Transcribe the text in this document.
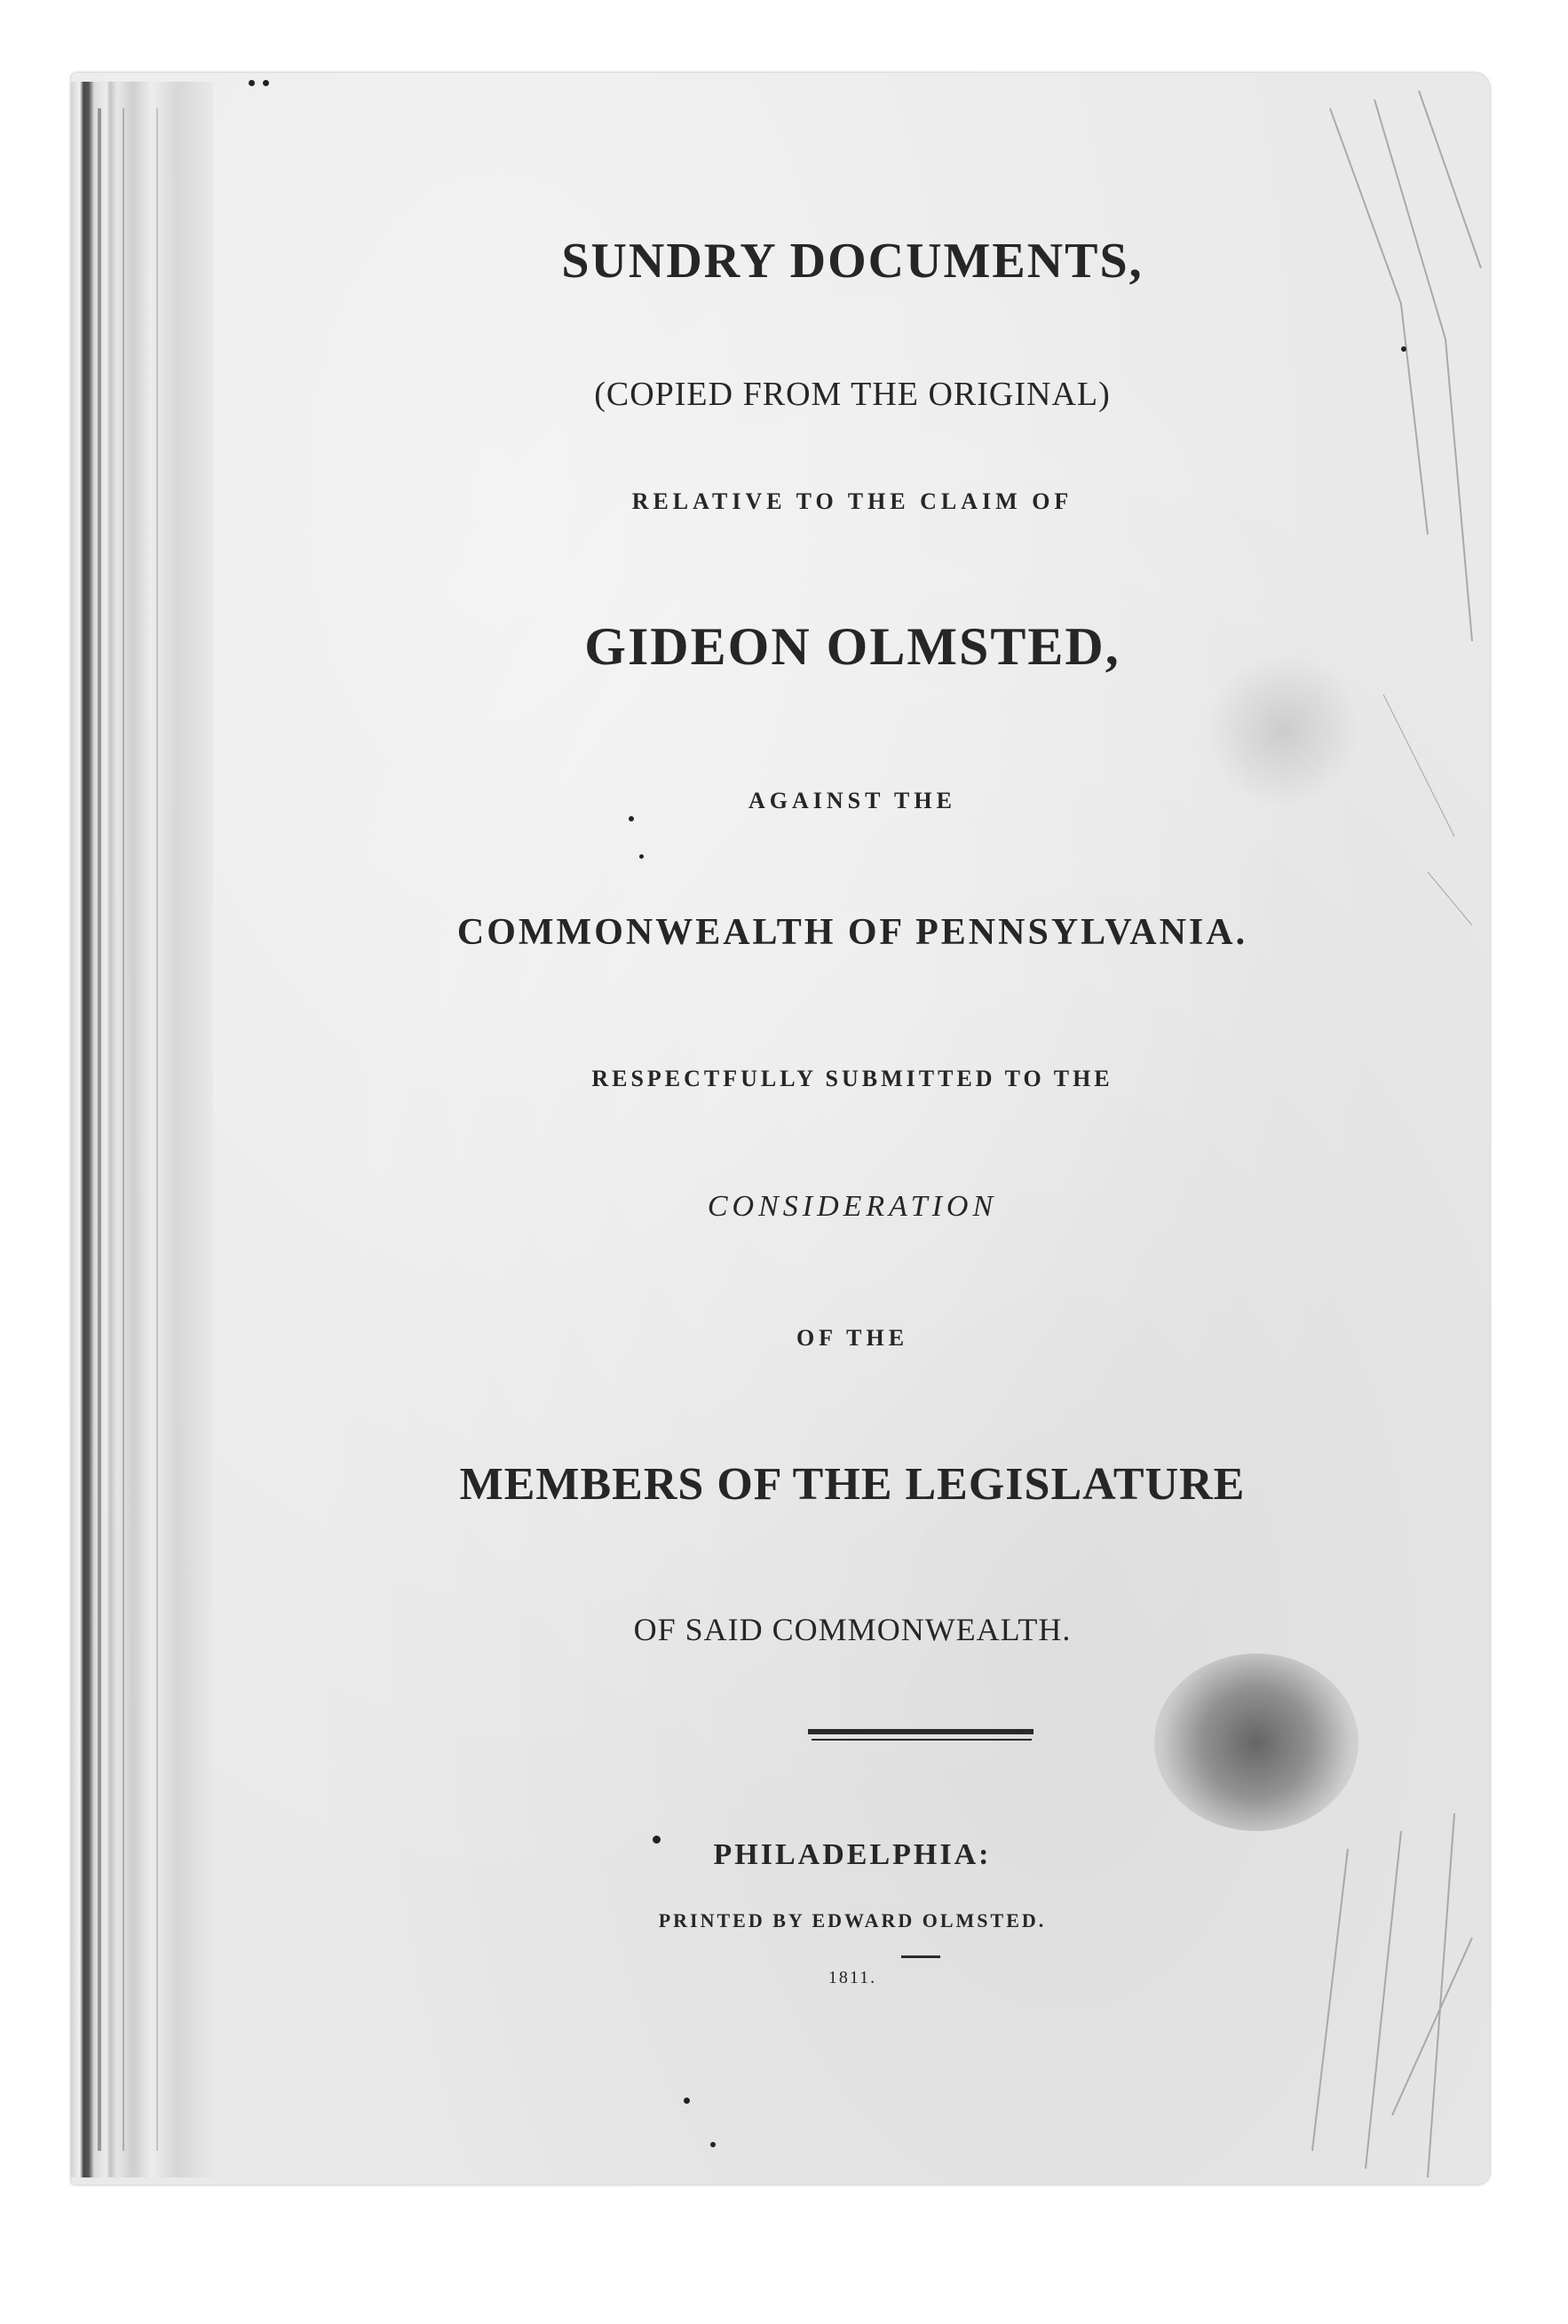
SUNDRY DOCUMENTS,
(COPIED FROM THE ORIGINAL)
RELATIVE TO THE CLAIM OF
GIDEON OLMSTED,
AGAINST THE
COMMONWEALTH OF PENNSYLVANIA.
RESPECTFULLY SUBMITTED TO THE
CONSIDERATION
OF THE
MEMBERS OF THE LEGISLATURE
OF SAID COMMONWEALTH.
PHILADELPHIA:
PRINTED BY EDWARD OLMSTED.
1811.
